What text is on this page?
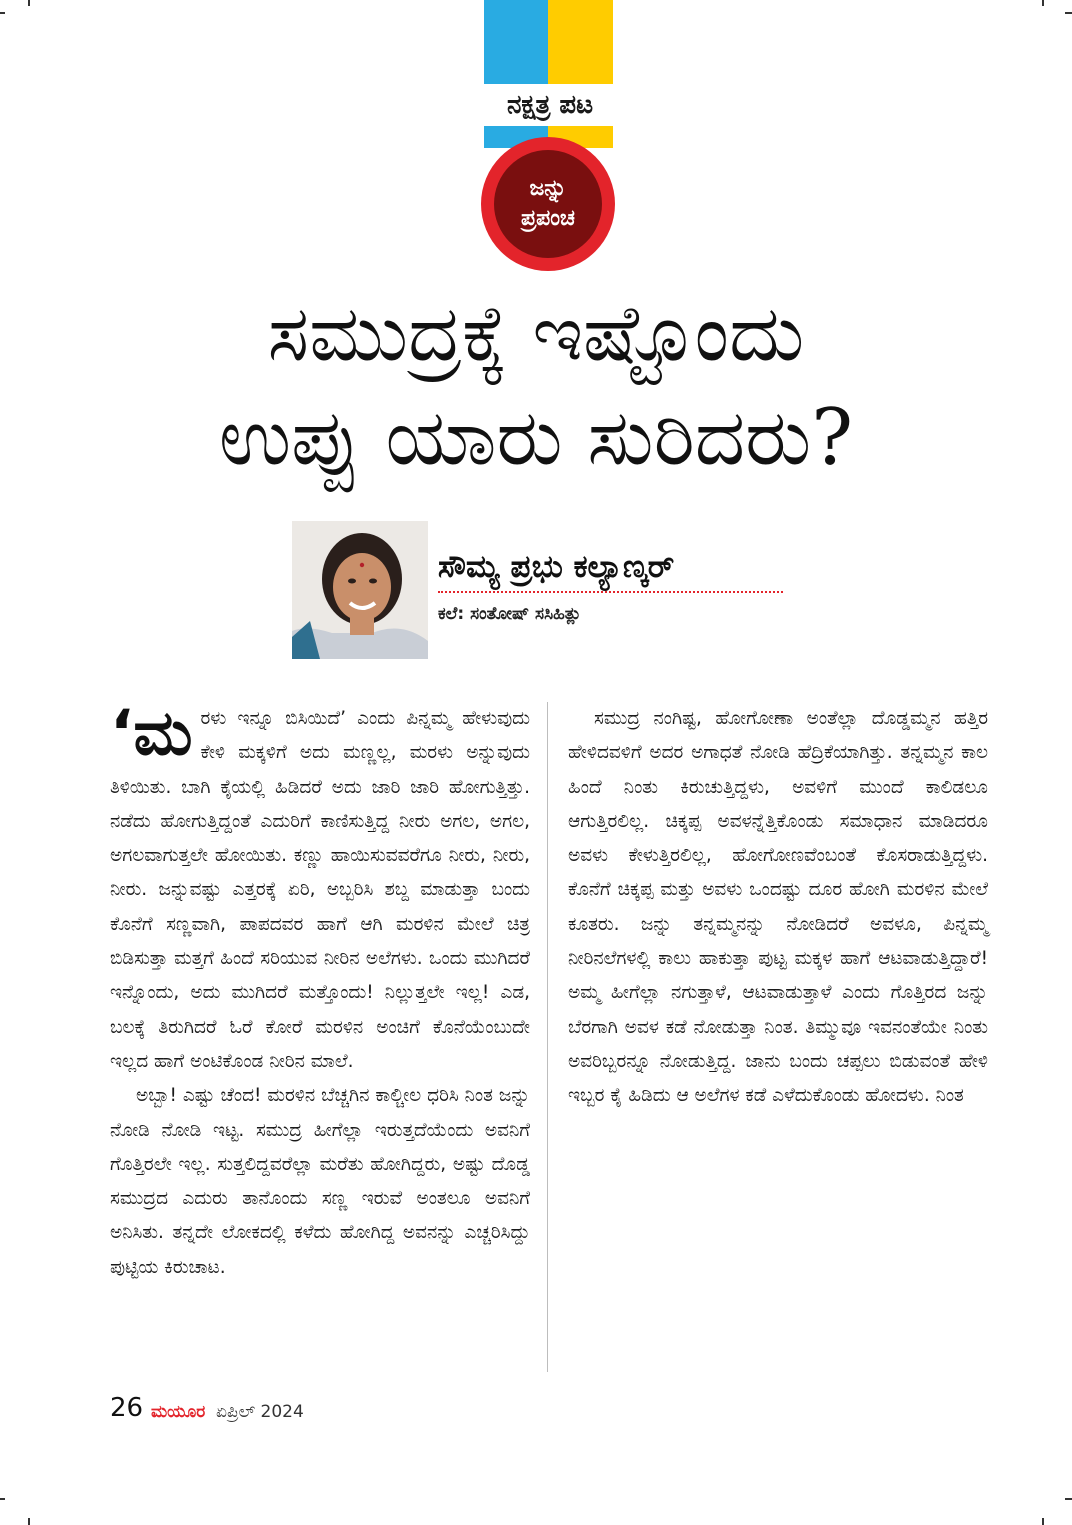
ನಕ್ಷತ್ರ ಪಟ
ಜನ್ನು
ಪ್ರಪಂಚ
ಸಮುದ್ರಕ್ಕೆ ಇಷ್ಟೊಂದು
ಉಪ್ಪು ಯಾರು ಸುರಿದರು?
ಸೌಮ್ಯ ಪ್ರಭು ಕಲ್ಯಾಣ್ಕರ್
ಕಲೆ: ಸಂತೋಷ್ ಸಸಿಹಿತ್ಲು

‘ಮರಳು ಇನ್ನೂ ಬಿಸಿಯಿದೆ’ ಎಂದು ಪಿನ್ನಮ್ಮ ಹೇಳುವುದು ಕೇಳಿ ಮಕ್ಕಳಿಗೆ ಅದು ಮಣ್ಣಲ್ಲ, ಮರಳು ಅನ್ನುವುದು ತಿಳಿಯಿತು. ಬಾಗಿ ಕೈಯಲ್ಲಿ ಹಿಡಿದರೆ ಅದು ಜಾರಿ ಜಾರಿ ಹೋಗುತ್ತಿತ್ತು. ನಡೆದು ಹೋಗುತ್ತಿದ್ದಂತೆ ಎದುರಿಗೆ ಕಾಣಿಸುತ್ತಿದ್ದ ನೀರು ಅಗಲ, ಅಗಲ, ಅಗಲವಾಗುತ್ತಲೇ ಹೋಯಿತು. ಕಣ್ಣು ಹಾಯಿಸುವವರೆಗೂ ನೀರು, ನೀರು, ನೀರು. ಜನ್ನುವಷ್ಟು ಎತ್ತರಕ್ಕೆ ಏರಿ, ಅಬ್ಬರಿಸಿ ಶಬ್ದ ಮಾಡುತ್ತಾ ಬಂದು ಕೊನೆಗೆ ಸಣ್ಣವಾಗಿ, ಪಾಪದವರ ಹಾಗೆ ಆಗಿ ಮರಳಿನ ಮೇಲೆ ಚಿತ್ರ ಬಿಡಿಸುತ್ತಾ ಮತ್ತಗೆ ಹಿಂದೆ ಸರಿಯುವ ನೀರಿನ ಅಲೆಗಳು. ಒಂದು ಮುಗಿದರೆ ಇನ್ನೊಂದು, ಅದು ಮುಗಿದರೆ ಮತ್ತೊಂದು! ನಿಲ್ಲುತ್ತಲೇ ಇಲ್ಲ! ಎಡ, ಬಲಕ್ಕೆ ತಿರುಗಿದರೆ ಓರೆ ಕೋರೆ ಮರಳಿನ ಅಂಚಿಗೆ ಕೊನೆಯೆಂಬುದೇ ಇಲ್ಲದ ಹಾಗೆ ಅಂಟಿಕೊಂಡ ನೀರಿನ ಮಾಲೆ.

ಅಬ್ಬಾ! ಎಷ್ಟು ಚೆಂದ! ಮರಳಿನ ಬೆಚ್ಚಗಿನ ಕಾಲ್ಚೀಲ ಧರಿಸಿ ನಿಂತ ಜನ್ನು ನೋಡಿ ನೋಡಿ ಇಟ್ಟ. ಸಮುದ್ರ ಹೀಗೆಲ್ಲಾ ಇರುತ್ತದೆಯೆಂದು ಅವನಿಗೆ ಗೊತ್ತಿರಲೇ ಇಲ್ಲ. ಸುತ್ತಲಿದ್ದವರೆಲ್ಲಾ ಮರೆತು ಹೋಗಿದ್ದರು, ಅಷ್ಟು ದೊಡ್ಡ ಸಮುದ್ರದ ಎದುರು ತಾನೊಂದು ಸಣ್ಣ ಇರುವೆ ಅಂತಲೂ ಅವನಿಗೆ ಅನಿಸಿತು. ತನ್ನದೇ ಲೋಕದಲ್ಲಿ ಕಳೆದು ಹೋಗಿದ್ದ ಅವನನ್ನು ಎಚ್ಚರಿಸಿದ್ದು ಪುಟ್ಟಿಯ ಕಿರುಚಾಟ.

ಸಮುದ್ರ ನಂಗಿಷ್ಟ, ಹೋಗೋಣಾ ಅಂತೆಲ್ಲಾ ದೊಡ್ಡಮ್ಮನ ಹತ್ತಿರ ಹೇಳಿದವಳಿಗೆ ಅದರ ಅಗಾಧತೆ ನೋಡಿ ಹೆದ್ರಿಕೆಯಾಗಿತ್ತು. ತನ್ನಮ್ಮನ ಕಾಲ ಹಿಂದೆ ನಿಂತು ಕಿರುಚುತ್ತಿದ್ದಳು, ಅವಳಿಗೆ ಮುಂದೆ ಕಾಲಿಡಲೂ ಆಗುತ್ತಿರಲಿಲ್ಲ. ಚಿಕ್ಕಪ್ಪ ಅವಳನ್ನೆತ್ತಿಕೊಂಡು ಸಮಾಧಾನ ಮಾಡಿದರೂ ಅವಳು ಕೇಳುತ್ತಿರಲಿಲ್ಲ, ಹೋಗೋಣವೆಂಬಂತೆ ಕೊಸರಾಡುತ್ತಿದ್ದಳು. ಕೊನೆಗೆ ಚಿಕ್ಕಪ್ಪ ಮತ್ತು ಅವಳು ಒಂದಷ್ಟು ದೂರ ಹೋಗಿ ಮರಳಿನ ಮೇಲೆ ಕೂತರು. ಜನ್ನು ತನ್ನಮ್ಮನನ್ನು ನೋಡಿದರೆ ಅವಳೂ, ಪಿನ್ನಮ್ಮ ನೀರಿನಲೆಗಳಲ್ಲಿ ಕಾಲು ಹಾಕುತ್ತಾ ಪುಟ್ಟ ಮಕ್ಕಳ ಹಾಗೆ ಆಟವಾಡುತ್ತಿದ್ದಾರೆ! ಅಮ್ಮ ಹೀಗೆಲ್ಲಾ ನಗುತ್ತಾಳೆ, ಆಟವಾಡುತ್ತಾಳೆ ಎಂದು ಗೊತ್ತಿರದ ಜನ್ನು ಬೆರಗಾಗಿ ಅವಳ ಕಡೆ ನೋಡುತ್ತಾ ನಿಂತ. ತಿಮ್ಮುವೂ ಇವನಂತೆಯೇ ನಿಂತು ಅವರಿಬ್ಬರನ್ನೂ ನೋಡುತ್ತಿದ್ದ. ಜಾನು ಬಂದು ಚಪ್ಪಲು ಬಿಡುವಂತೆ ಹೇಳಿ ಇಬ್ಬರ ಕೈ ಹಿಡಿದು ಆ ಅಲೆಗಳ ಕಡೆ ಎಳೆದುಕೊಂಡು ಹೋದಳು. ನಿಂತ

26 ಮಯೂರ ಏಪ್ರಿಲ್ 2024
